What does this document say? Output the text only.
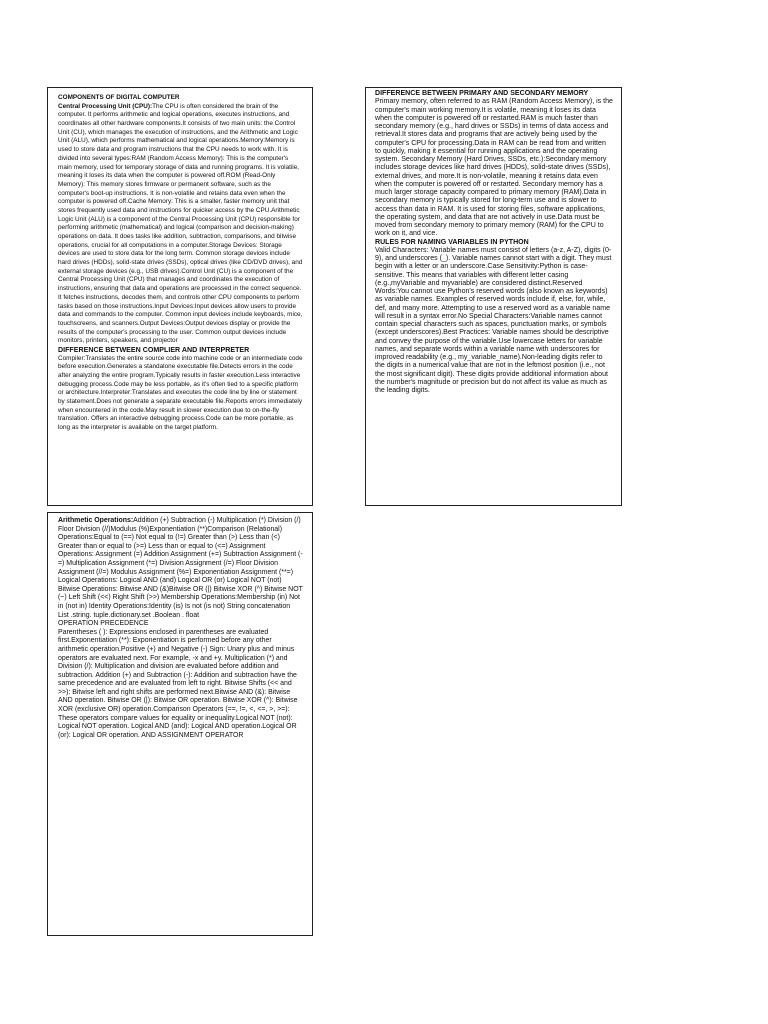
COMPONENTS OF DIGITAL COMPUTER

Central Processing Unit (CPU):The CPU is often considered the brain of the computer. It performs arithmetic and logical operations, executes instructions, and coordinates all other hardware components.It consists of two main units: the Control Unit (CU), which manages the execution of instructions, and the Arithmetic and Logic Unit (ALU), which performs mathematical and logical operations.Memory:Memory is used to store data and program instructions that the CPU needs to work with. It is divided into several types:RAM (Random Access Memory): This is the computer's main memory, used for temporary storage of data and running programs. It is volatile, meaning it loses its data when the computer is powered off.ROM (Read-Only Memory): This memory stores firmware or permanent software, such as the computer's boot-up instructions. It is non-volatile and retains data even when the computer is powered off.Cache Memory: This is a smaller, faster memory unit that stores frequently used data and instructions for quicker access by the CPU.Arithmetic Logic Unit (ALU) is a component of the Central Processing Unit (CPU) responsible for performing arithmetic (mathematical) and logical (comparison and decision-making) operations on data. It does tasks like addition, subtraction, comparisons, and bitwise operations, crucial for all computations in a computer.Storage Devices: Storage devices are used to store data for the long term. Common storage devices include hard drives (HDDs), solid-state drives (SSDs), optical drives (like CD/DVD drives), and external storage devices (e.g., USB drives).Control Unit (CU) is a component of the Central Processing Unit (CPU) that manages and coordinates the execution of instructions, ensuring that data and operations are processed in the correct sequence. It fetches instructions, decodes them, and controls other CPU components to perform tasks based on those instructions.Input Devices:Input devices allow users to provide data and commands to the computer. Common input devices include keyboards, mice, touchscreens, and scanners.Output Devices:Output devices display or provide the results of the computer's processing to the user. Common output devices include monitors, printers, speakers, and projector

DIFFERENCE BETWEEN COMPLIER AND INTERPRETER

Compiler:Translates the entire source code into machine code or an intermediate code before execution.Generates a standalone executable file.Detects errors in the code after analyzing the entire program.Typically results in faster execution.Less interactive debugging process.Code may be less portable, as it's often tied to a specific platform or architecture.Interpreter:Translates and executes the code line by line or statement by statement.Does not generate a separate executable file.Reports errors immediately when encountered in the code.May result in slower execution due to on-the-fly translation. Offers an interactive debugging process.Code can be more portable, as long as the interpreter is available on the target platform.

DIFFERENCE BETWEEN PRIMARY AND SECONDARY MEMORY

Primary memory, often referred to as RAM (Random Access Memory), is the computer's main working memory.It is volatile, meaning it loses its data when the computer is powered off or restarted.RAM is much faster than secondary memory (e.g., hard drives or SSDs) in terms of data access and retrieval.It stores data and programs that are actively being used by the computer's CPU for processing.Data in RAM can be read from and written to quickly, making it essential for running applications and the operating system. Secondary Memory (Hard Drives, SSDs, etc.):Secondary memory includes storage devices like hard drives (HDDs), solid-state drives (SSDs), external drives, and more.It is non-volatile, meaning it retains data even when the computer is powered off or restarted. Secondary memory has a much larger storage capacity compared to primary memory (RAM).Data in secondary memory is typically stored for long-term use and is slower to access than data in RAM. It is used for storing files, software applications, the operating system, and data that are not actively in use.Data must be moved from secondary memory to primary memory (RAM) for the CPU to work on it, and vice.

RULES FOR NAMING VARIABLES IN PYTHON

Valid Characters: Variable names must consist of letters (a-z, A-Z), digits (0-9), and underscores (_). Variable names cannot start with a digit. They must begin with a letter or an underscore.Case Sensitivity:Python is case-sensitive. This means that variables with different letter casing (e.g.,myVariable and myvariable) are considered distinct.Reserved Words:You cannot use Python's reserved words (also known as keywords) as variable names. Examples of reserved words include if, else, for, while, def, and many more. Attempting to use a reserved word as a variable name will result in a syntax error.No Special Characters:Variable names cannot contain special characters such as spaces, punctuation marks, or symbols (except underscores).Best Practices: Variable names should be descriptive and convey the purpose of the variable.Use lowercase letters for variable names, and separate words within a variable name with underscores for improved readability (e.g., my_variable_name).Non-leading digits refer to the digits in a numerical value that are not in the leftmost position (i.e., not the most significant digit). These digits provide additional information about the number's magnitude or precision but do not affect its value as much as the leading digits.

Arithmetic Operations:Addition (+) Subtraction (-) Multiplication (*) Division (/) Floor Division (//)Modulus (%)Exponentiation (**)Comparison (Relational) Operations:Equal to (==) Not equal to (!=) Greater than (>) Less than (<) Greater than or equal to (>=) Less than or equal to (<=) Assignment Operations: Assignment (=) Addition Assignment (+=) Subtraction Assignment (-=) Multiplication Assignment (*=) Division Assignment (/=) Floor Division Assignment (//=) Modulus Assignment (%=) Exponentiation Assignment (**=) Logical Operations: Logical AND (and) Logical OR (or) Logical NOT (not) Bitwise Operations: Bitwise AND (&)Bitwise OR (|) Bitwise XOR (^) Bitwise NOT (~) Left Shift (<<) Right Shift (>>) Membership Operations:Membership (in) Not in (not in) Identity Operations:Identity (is) Is not (is not) String concatenation

List .string. tuple.dictionary.set .Boolean . float

OPERATION PRECEDENCE

Parentheses ( ): Expressions enclosed in parentheses are evaluated first.Exponentiation (**): Exponentiation is performed before any other arithmetic operation.Positive (+) and Negative (-) Sign: Unary plus and minus operators are evaluated next. For example, -x and +y. Multiplication (*) and Division (/): Multiplication and division are evaluated before addition and subtraction. Addition (+) and Subtraction (-): Addition and subtraction have the same precedence and are evaluated from left to right. Bitwise Shifts (<< and >>): Bitwise left and right shifts are performed next.Bitwise AND (&): Bitwise AND operation. Bitwise OR (|): Bitwise OR operation. Bitwise XOR (^): Bitwise XOR (exclusive OR) operation.Comparison Operators (==, !=, <, <=, >, >=): These operators compare values for equality or inequality.Logical NOT (not): Logical NOT operation. Logical AND (and): Logical AND operation.Logical OR (or): Logical OR operation. AND ASSIGNMENT OPERATOR
